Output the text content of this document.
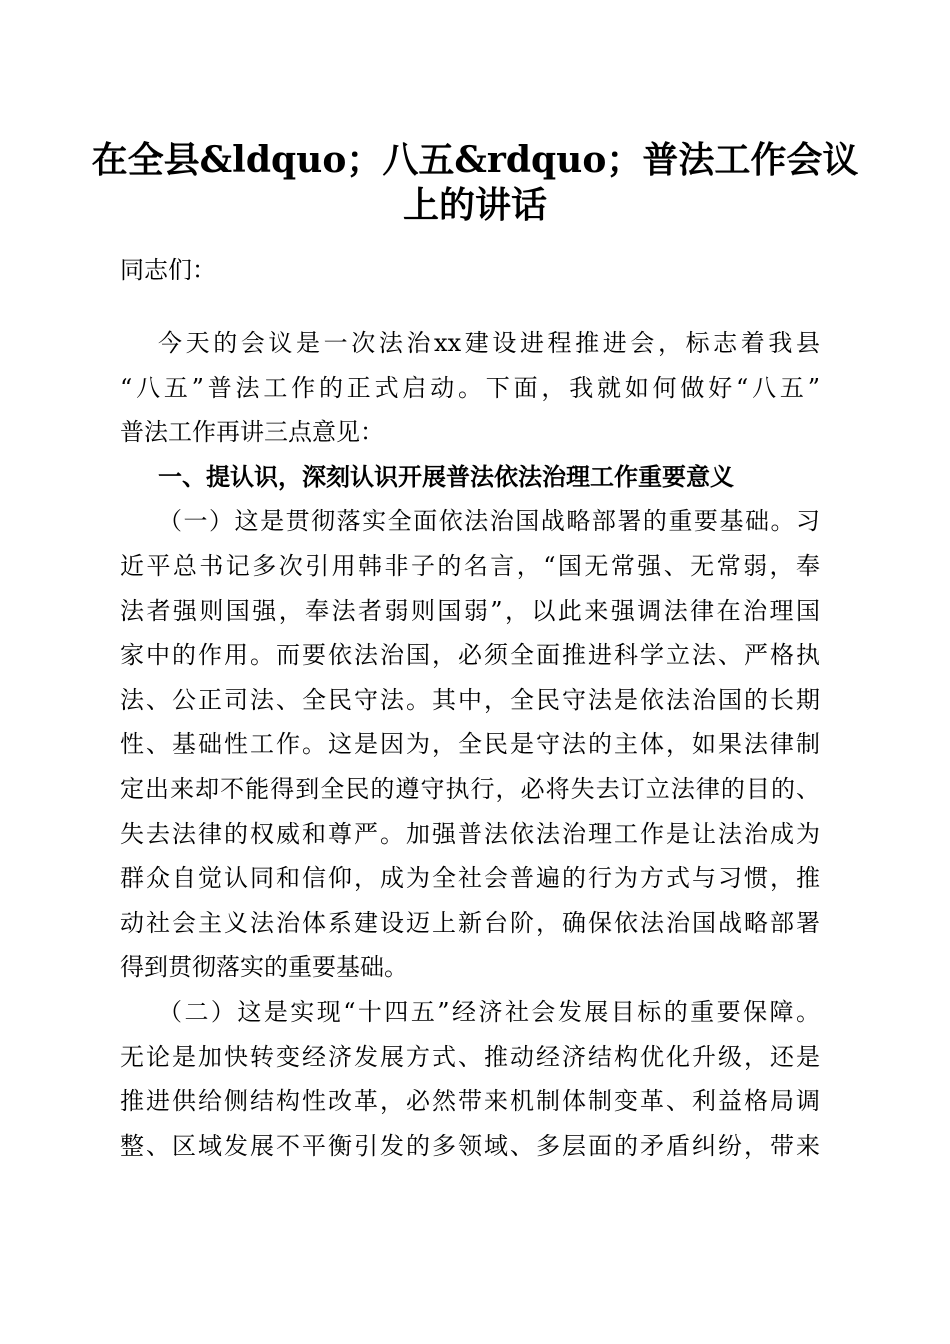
在全县&ldquo；八五&rdquo；普法工作会议
上的讲话
同志们：
今天的会议是一次法治xx建设进程推进会，标志着我县
“八五”普法工作的正式启动。下面，我就如何做好“八五”
普法工作再讲三点意见：
一、提认识，深刻认识开展普法依法治理工作重要意义
（一）这是贯彻落实全面依法治国战略部署的重要基础。习
近平总书记多次引用韩非子的名言，“国无常强、无常弱，奉
法者强则国强，奉法者弱则国弱”，以此来强调法律在治理国
家中的作用。而要依法治国，必须全面推进科学立法、严格执
法、公正司法、全民守法。其中，全民守法是依法治国的长期
性、基础性工作。这是因为，全民是守法的主体，如果法律制
定出来却不能得到全民的遵守执行，必将失去订立法律的目的、
失去法律的权威和尊严。加强普法依法治理工作是让法治成为
群众自觉认同和信仰，成为全社会普遍的行为方式与习惯，推
动社会主义法治体系建设迈上新台阶，确保依法治国战略部署
得到贯彻落实的重要基础。
（二）这是实现“十四五”经济社会发展目标的重要保障。
无论是加快转变经济发展方式、推动经济结构优化升级，还是
推进供给侧结构性改革，必然带来机制体制变革、利益格局调
整、区域发展不平衡引发的多领域、多层面的矛盾纠纷，带来
